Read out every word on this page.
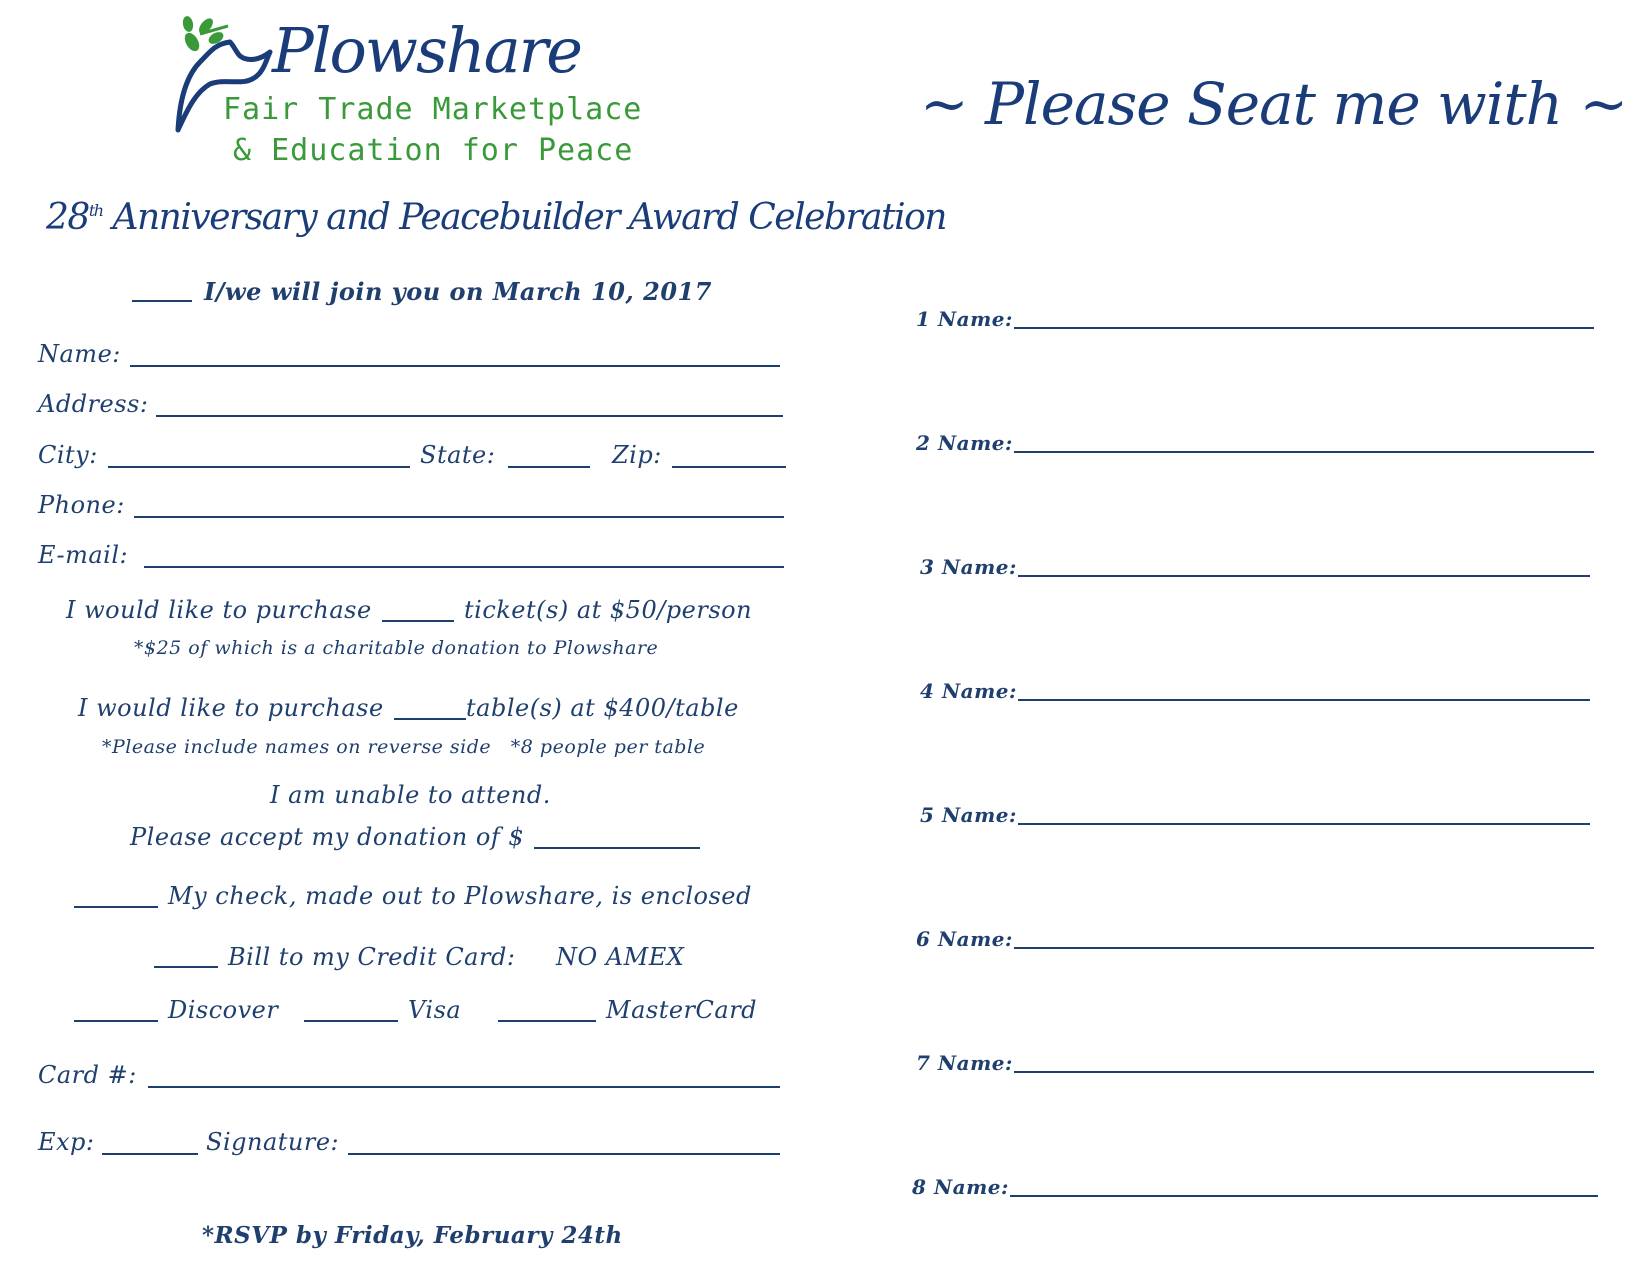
Plowshare
Fair Trade Marketplace
& Education for Peace
28th Anniversary and Peacebuilder Award Celebration
I/we will join you on March 10, 2017
Name:
Address:
City:	State:	Zip:
Phone:
E-mail:
I would like to purchase	ticket(s) at $50/person
*$25 of which is a charitable donation to Plowshare
I would like to purchase	table(s) at $400/table
*Please include names on reverse side   *8 people per table
I am unable to attend.
Please accept my donation of $
My check, made out to Plowshare, is enclosed
Bill to my Credit Card: NO AMEX
Discover	Visa	MasterCard
Card #:
Exp:	Signature:
*RSVP by Friday, February 24th
~ Please Seat me with ~
1 Name:
2 Name:
3 Name:
4 Name:
5 Name:
6 Name:
7 Name:
8 Name:
